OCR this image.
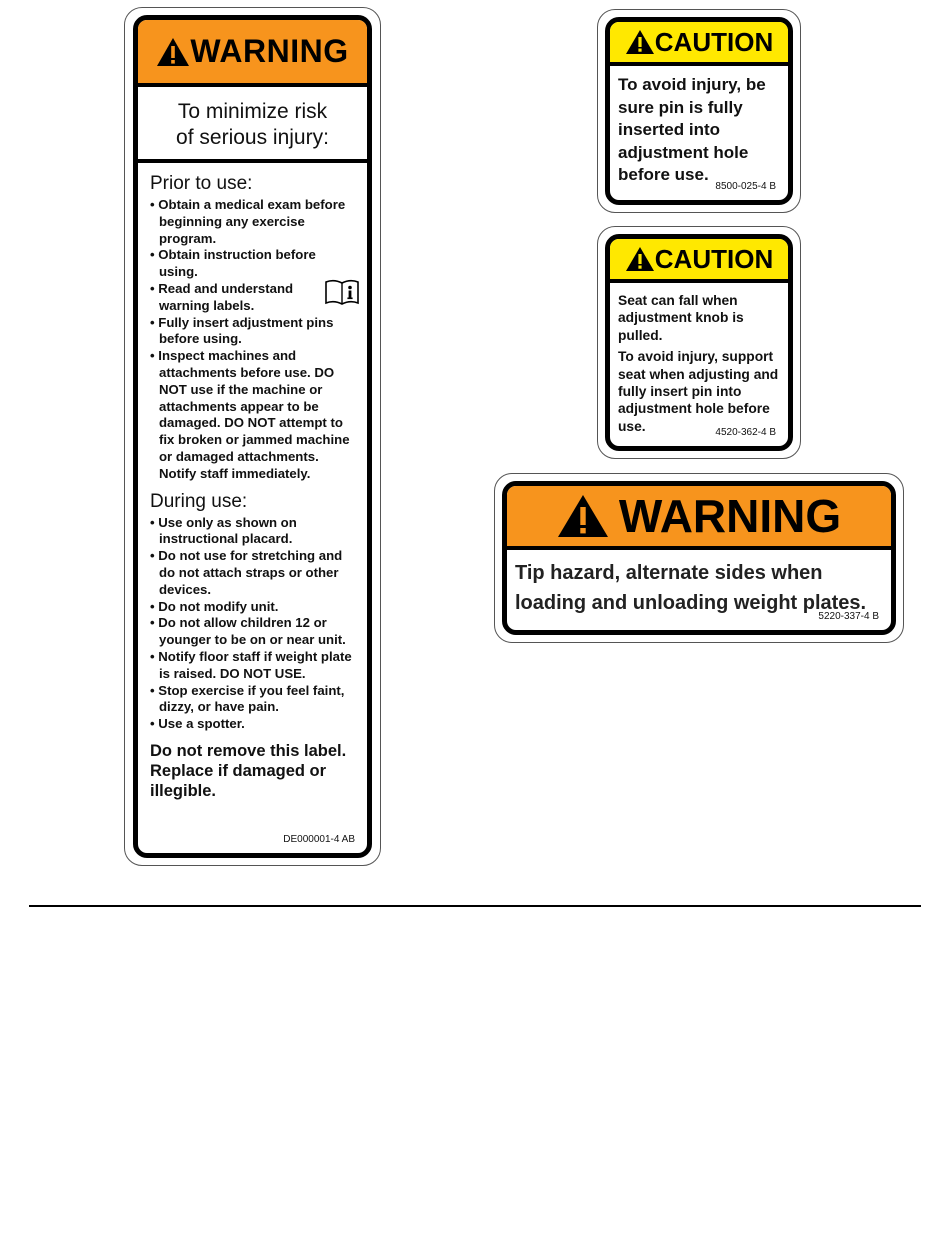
WARNING
To minimize risk
of serious injury:
Prior to use:
• Obtain a medical exam before beginning any exercise program.
• Obtain instruction before using.
• Read and understand warning labels.
• Fully insert adjustment pins before using.
• Inspect machines and attachments before use. DO NOT use if the machine or attachments appear to be damaged. DO NOT attempt to fix broken or jammed machine or damaged attachments. Notify staff immediately.
During use:
• Use only as shown on instructional placard.
• Do not use for stretching and do not attach straps or other devices.
• Do not modify unit.
• Do not allow children 12 or younger to be on or near unit.
• Notify floor staff if weight plate is raised. DO NOT USE.
• Stop exercise if you feel faint, dizzy, or have pain.
• Use a spotter.
Do not remove this label. Replace if damaged or illegible.
DE000001-4 AB
CAUTION
To avoid injury, be sure pin is fully inserted into adjustment hole before use.
8500-025-4 B
CAUTION

Seat can fall when adjustment knob is pulled.

To avoid injury, support seat when adjusting and fully insert pin into adjustment hole before use.	4520-362-4 B
WARNING
Tip hazard, alternate sides when
loading and unloading weight plates.
5220-337-4 B
